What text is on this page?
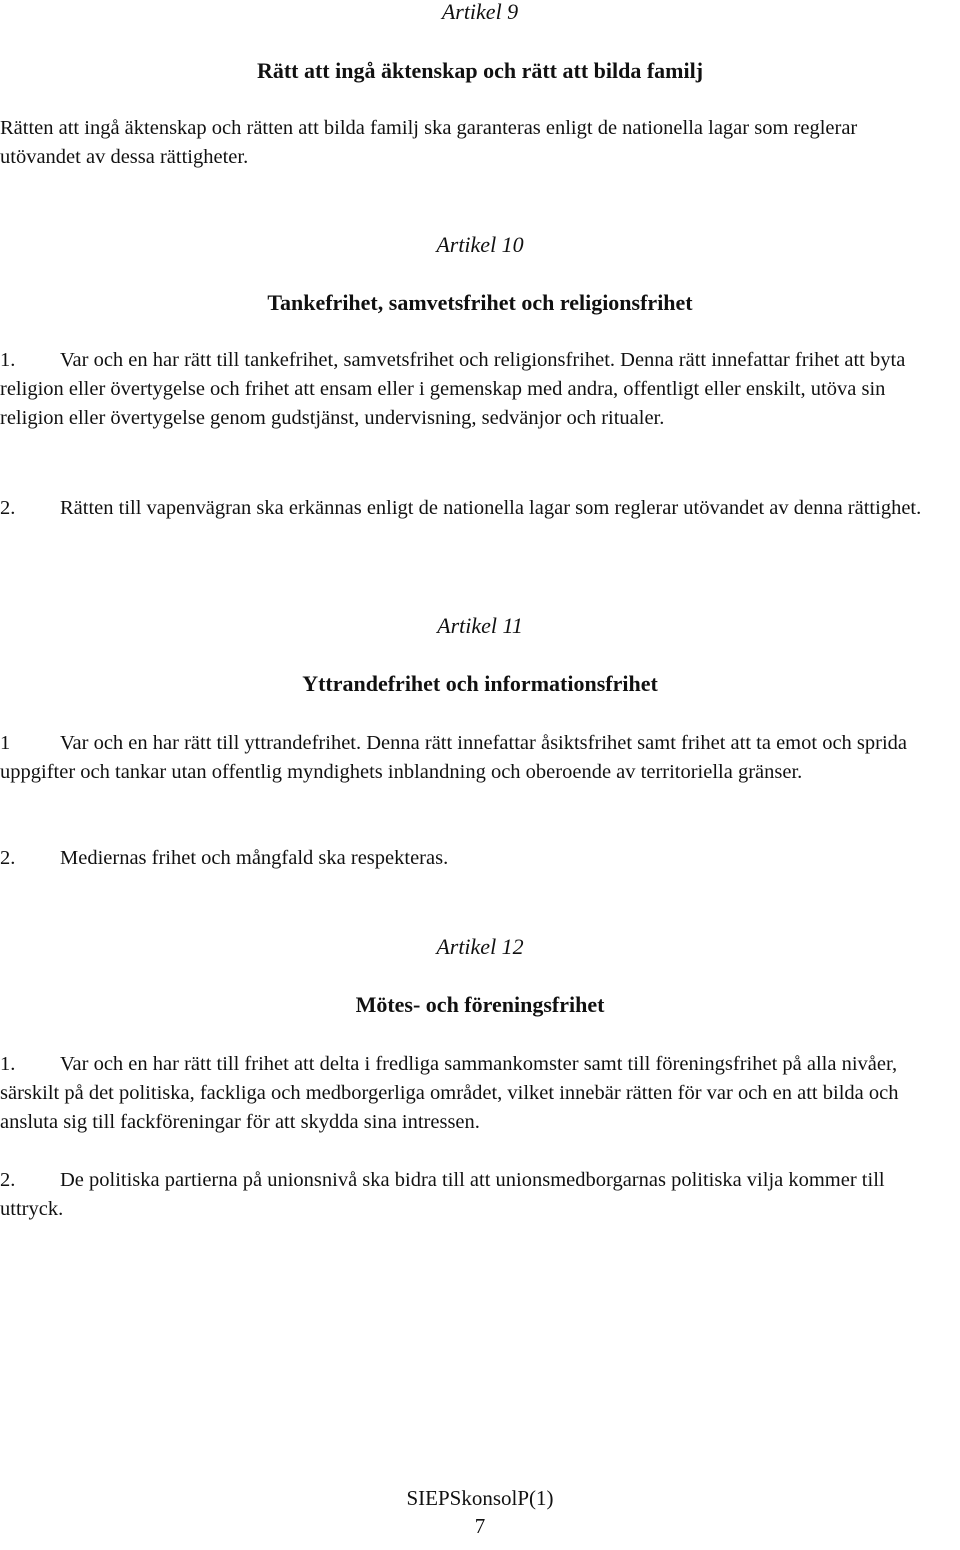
Artikel 9
Rätt att ingå äktenskap och rätt att bilda familj

Rätten att ingå äktenskap och rätten att bilda familj ska garanteras enligt de nationella lagar som reglerar utövandet av dessa rättigheter.

Artikel 10
Tankefrihet, samvetsfrihet och religionsfrihet

1. Var och en har rätt till tankefrihet, samvetsfrihet och religionsfrihet. Denna rätt innefattar frihet att byta religion eller övertygelse och frihet att ensam eller i gemenskap med andra, offentligt eller enskilt, utöva sin religion eller övertygelse genom gudstjänst, undervisning, sedvänjor och ritualer.

2. Rätten till vapenvägran ska erkännas enligt de nationella lagar som reglerar utövandet av denna rättighet.

Artikel 11
Yttrandefrihet och informationsfrihet

1 Var och en har rätt till yttrandefrihet. Denna rätt innefattar åsiktsfrihet samt frihet att ta emot och sprida uppgifter och tankar utan offentlig myndighets inblandning och oberoende av territoriella gränser.

2. Mediernas frihet och mångfald ska respekteras.

Artikel 12
Mötes- och föreningsfrihet

1. Var och en har rätt till frihet att delta i fredliga sammankomster samt till föreningsfrihet på alla nivåer, särskilt på det politiska, fackliga och medborgerliga området, vilket innebär rätten för var och en att bilda och ansluta sig till fackföreningar för att skydda sina intressen.

2. De politiska partierna på unionsnivå ska bidra till att unionsmedborgarnas politiska vilja kommer till uttryck.

SIEPSkonsolP(1)
7
